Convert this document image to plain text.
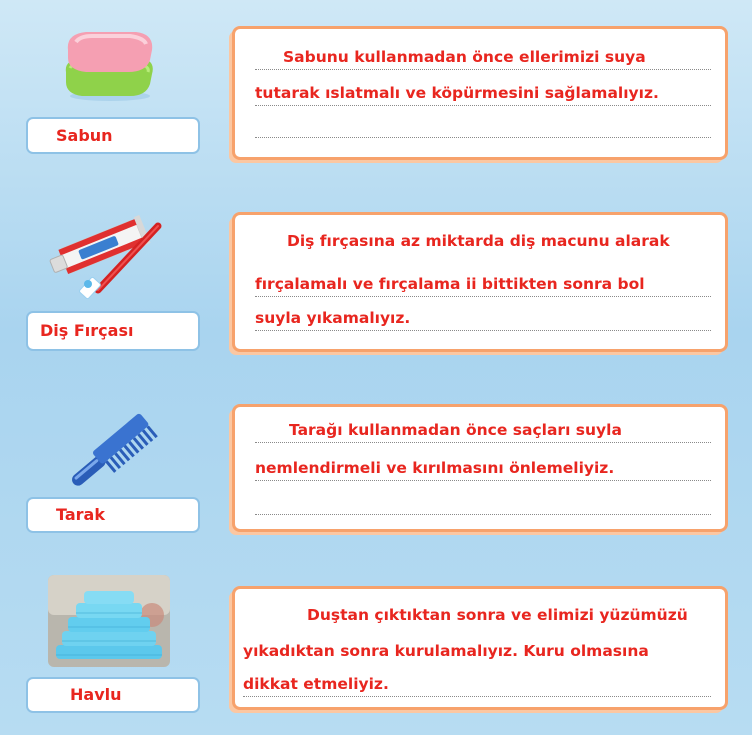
Sabun
Sabunu kullanmadan önce ellerimizi suya
tutarak ıslatmalı ve köpürmesini sağlamalıyız.
Diş Fırçası
Diş fırçasına az miktarda diş macunu alarak
fırçalamalı ve fırçalama ii bittikten sonra bol
suyla yıkamalıyız.
Tarak
Tarağı kullanmadan önce saçları suyla
nemlendirmeli ve kırılmasını önlemeliyiz.
Havlu
Duştan çıktıktan sonra ve elimizi yüzümüzü
yıkadıktan sonra kurulamalıyız. Kuru olmasına
dikkat etmeliyiz.
